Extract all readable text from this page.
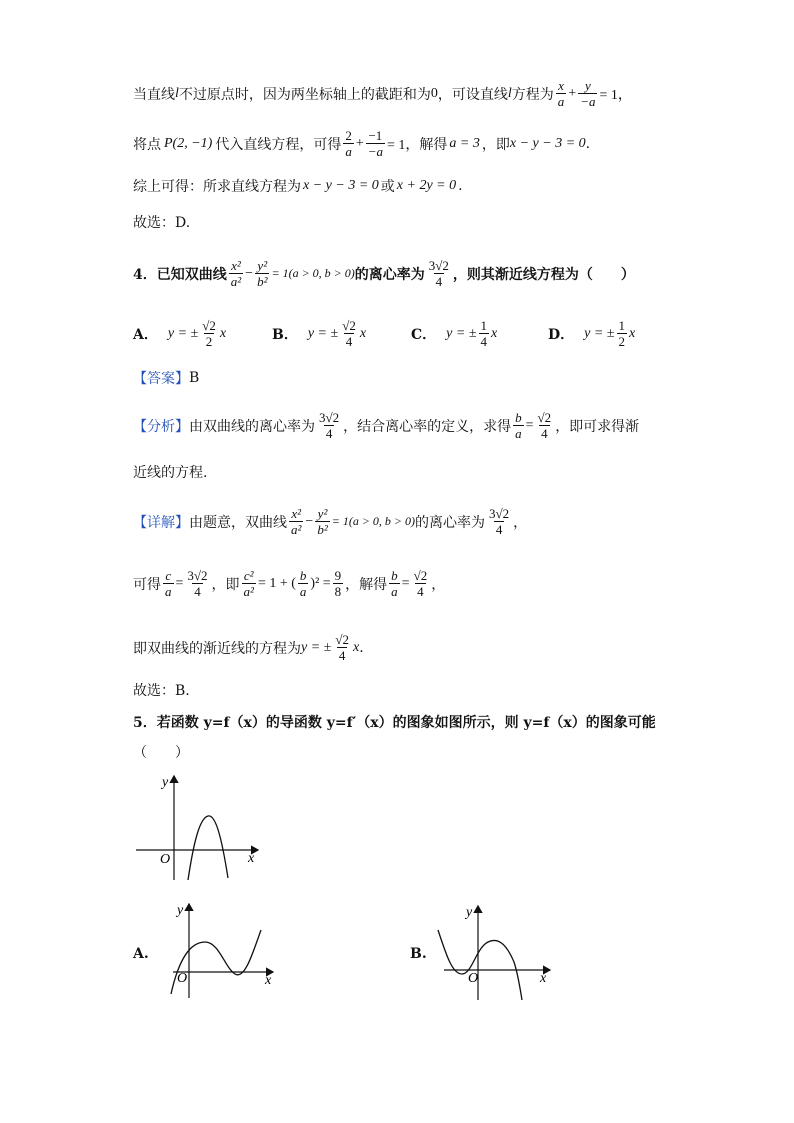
当直线 l 不过原点时，因为两坐标轴上的截距和为 0 ，可设直线 l 方程为 $\frac{x}{a} + \frac{y}{-a} = 1$，
将点 P(2, −1) 代入直线方程，可得 $\frac{2}{a} + \frac{-1}{-a} = 1$，解得 a = 3 ，即 x − y − 3 = 0 .
综上可得：所求直线方程为 x − y − 3 = 0 或 x + 2y = 0 .
故选：D.
4． 已知双曲线 $\frac{\text{x²}}{\text{a²}} - \frac{\text{y²}}{\text{b²}} = 1(a > 0$, b > 0) 的离心率为 $\frac{3√2}{4}$ ，则其渐近线方程为（　　）
A． y = ± $\frac{√2}{2}$ x	B． y = ± $\frac{√2}{4}$ x	C． y = ± $\frac{1}{4}$ x	D． y = ± $\frac{1}{2}$ x
【答案】 B
【分析】 由双曲线的离心率为 $\frac{3√2}{4}$ ，结合离心率的定义，求得 $\frac{b}{a} = \frac{√2}{4}$ ，即可求得渐
近线的方程.
【详解】 由题意，双曲线 $\frac{\text{x²}}{\text{a²}} - \frac{\text{y²}}{\text{b²}} = 1(a > 0$, b > 0) 的离心率为 $\frac{3√2}{4}$ ，
可得 $\frac{c}{a} = \frac{3√2}{4}$ ，即 $\frac{\text{c²}}{\text{a²}} = 1$ + ( $\frac{b}{a} )^2 = \frac{9}{8}$ ，解得 $\frac{b}{a} = \frac{√2}{4}$ ，
即双曲线的渐近线的方程为 y = ± $\frac{√2}{4}$ x .
故选：B.
5． 若函数 y=f（x）的导函数 y=f′（x）的图象如图所示，则 y=f（x）的图象可能
（　　）
y
x
O
A.
y
x
O
B.
y
x
O
